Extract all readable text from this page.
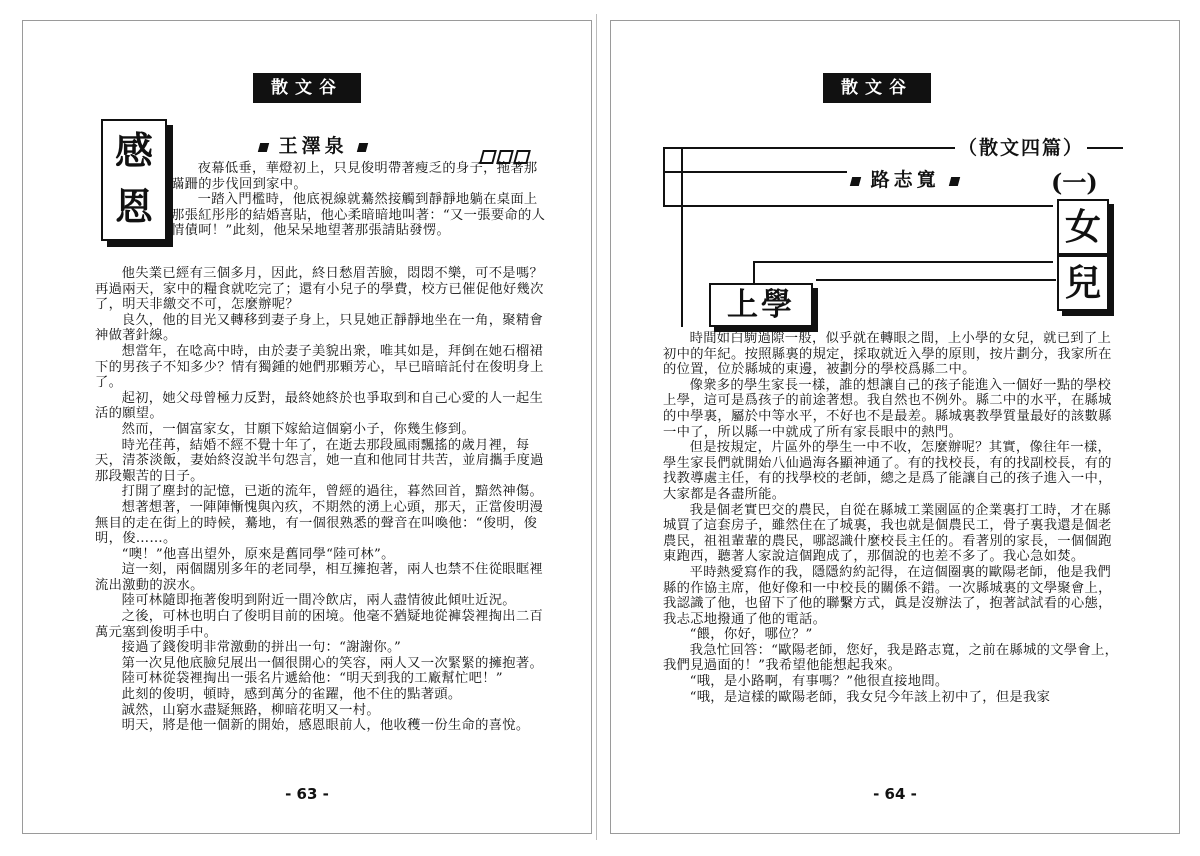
散文谷
感
恩
王澤泉

夜幕低垂，華燈初上，只見俊明帶著瘦乏的身子，拖著那蹣跚的步伐回到家中。

一踏入門檻時，他底視線就驀然接觸到靜靜地躺在桌面上那張紅彤彤的結婚喜貼，他心柔暗暗地叫著：“又一張要命的人情債呵！”此刻，他呆呆地望著那張請貼發愣。

他失業已經有三個多月，因此，終日愁眉苦臉，悶悶不樂，可不是嗎？再過兩天，家中的糧食就吃完了；還有小兒子的學費，校方已催促他好幾次了，明天非繳交不可，怎麼辦呢？

良久，他的目光又轉移到妻子身上，只見她正靜靜地坐在一角，聚精會神做著針線。

想當年，在唸高中時，由於妻子美貌出衆，唯其如是，拜倒在她石榴裙下的男孩子不知多少？情有獨鍾的她們那顆芳心，早已暗暗託付在俊明身上了。

起初，她父母曾極力反對，最終她終於也爭取到和自己心愛的人一起生活的願望。

然而，一個富家女，甘願下嫁給這個窮小子，你幾生修到。

時光荏苒，結婚不經不覺十年了，在逝去那段風雨飄搖的歲月裡，每天，清茶淡飯，妻始終沒說半句怨言，她一直和他同甘共苦，並肩攜手度過那段艱苦的日子。

打開了塵封的記憶，已逝的流年，曾經的過往，暮然回首，黯然神傷。

想著想著，一陣陣慚愧與內疚，不期然的湧上心頭，那天，正當俊明漫無目的走在街上的時候，驀地，有一個很熟悉的聲音在叫喚他：“俊明，俊明，俊……。

“噢！”他喜出望外，原來是舊同學“陸可林”。

這一刻，兩個闊別多年的老同學，相互擁抱著，兩人也禁不住從眼眶裡流出激動的淚水。

陸可林隨即拖著俊明到附近一間冷飲店，兩人盡情彼此傾吐近況。

之後，可林也明白了俊明目前的困境。他毫不猶疑地從褲袋裡掏出二百萬元塞到俊明手中。

接過了錢俊明非常激動的拼出一句：“謝謝你。”

第一次見他底臉兒展出一個很開心的笑容，兩人又一次緊緊的擁抱著。

陸可林從袋裡掏出一張名片遞給他：“明天到我的工廠幫忙吧！”

此刻的俊明，頓時，感到萬分的雀躍，他不住的點著頭。

誠然，山窮水盡疑無路，柳暗花明又一村。

明天，將是他一個新的開始，感恩眼前人，他收穫一份生命的喜悅。

- 63 -
散文谷
（散文四篇）
路志寬	(一)
女
兒
上學

時間如白駒過隙一般，似乎就在轉眼之間，上小學的女兒，就已到了上初中的年紀。按照縣裏的規定，採取就近入學的原則，按片劃分，我家所在的位置，位於縣城的東邊，被劃分的學校爲縣二中。

像衆多的學生家長一樣，誰的想讓自己的孩子能進入一個好一點的學校上學，這可是爲孩子的前途著想。我自然也不例外。縣二中的水平，在縣城的中學裏，屬於中等水平，不好也不是最差。縣城裏教學質量最好的該數縣一中了，所以縣一中就成了所有家長眼中的熱門。

但是按規定，片區外的學生一中不收，怎麼辦呢？其實，像往年一樣，學生家長們就開始八仙過海各顯神通了。有的找校長，有的找副校長，有的找教導處主任，有的找學校的老師，總之是爲了能讓自己的孩子進入一中，大家都是各盡所能。

我是個老實巴交的農民，自從在縣城工業園區的企業裏打工時，才在縣城買了這套房子，雖然住在了城裏，我也就是個農民工，骨子裏我還是個老農民，祖祖輩輩的農民，哪認識什麼校長主任的。看著別的家長，一個個跑東跑西，聽著人家說這個跑成了，那個說的也差不多了。我心急如焚。

平時熱愛寫作的我，隱隱約約記得，在這個圈裏的歐陽老師，他是我們縣的作協主席，他好像和一中校長的關係不錯。一次縣城裏的文學聚會上，我認識了他，也留下了他的聯繫方式，眞是沒辦法了，抱著試試看的心態，我忐忑地撥通了他的電話。

“餵，你好，哪位？”

我急忙回答：“歐陽老師，您好，我是路志寬，之前在縣城的文學會上，我們見過面的！”我希望他能想起我來。

“哦，是小路啊，有事嗎？”他很直接地問。

“哦，是這樣的歐陽老師，我女兒今年該上初中了，但是我家

- 64 -
